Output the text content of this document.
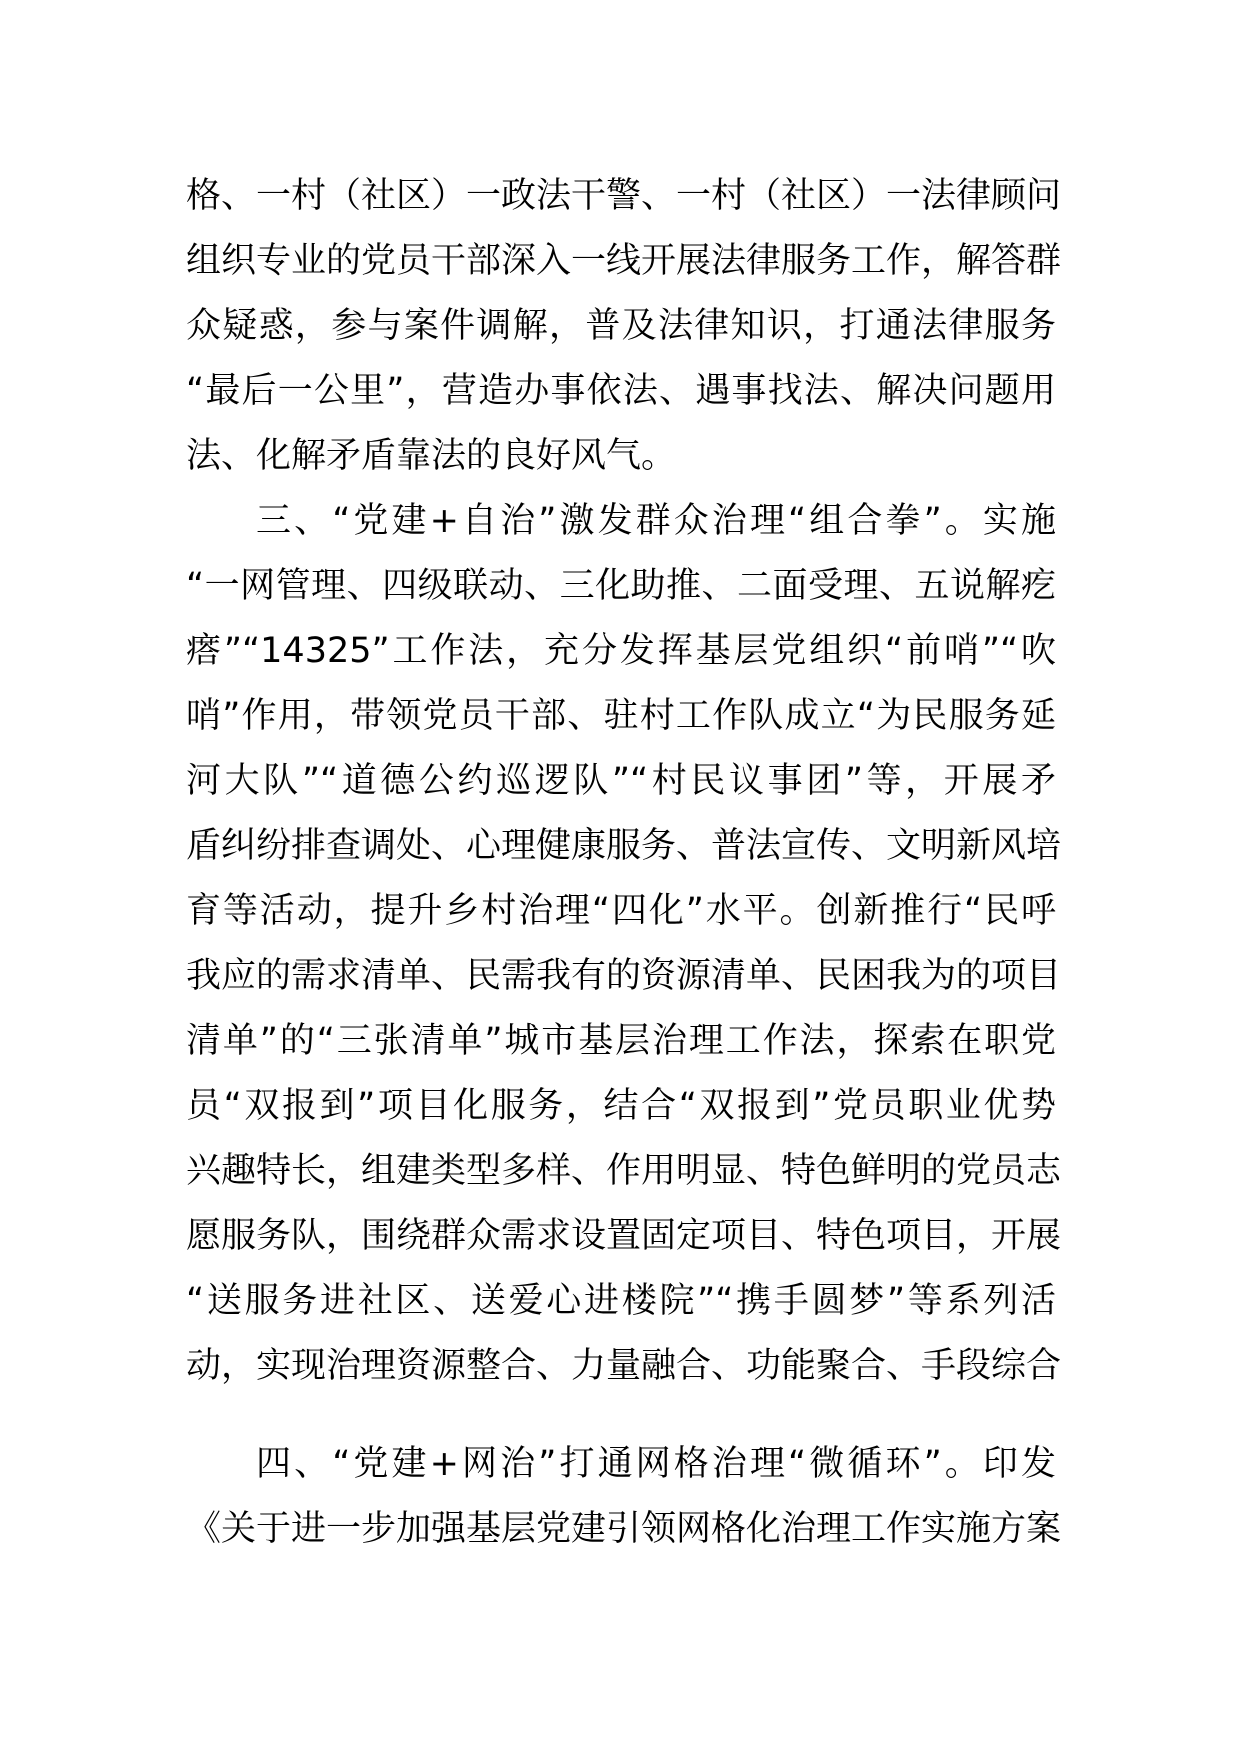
格、一村（社区）一政法干警、一村（社区）一法律顾问
组织专业的党员干部深入一线开展法律服务工作，解答群
众疑惑，参与案件调解，普及法律知识，打通法律服务
“最后一公里”，营造办事依法、遇事找法、解决问题用
法、化解矛盾靠法的良好风气。
三、“党建+自治”激发群众治理“组合拳”。实施
“一网管理、四级联动、三化助推、二面受理、五说解疙
瘩”“14325”工作法，充分发挥基层党组织“前哨”“吹
哨”作用，带领党员干部、驻村工作队成立“为民服务延
河大队”“道德公约巡逻队”“村民议事团”等，开展矛
盾纠纷排查调处、心理健康服务、普法宣传、文明新风培
育等活动，提升乡村治理“四化”水平。创新推行“民呼
我应的需求清单、民需我有的资源清单、民困我为的项目
清单”的“三张清单”城市基层治理工作法，探索在职党
员“双报到”项目化服务，结合“双报到”党员职业优势
兴趣特长，组建类型多样、作用明显、特色鲜明的党员志
愿服务队，围绕群众需求设置固定项目、特色项目，开展
“送服务进社区、送爱心进楼院”“携手圆梦”等系列活
动，实现治理资源整合、力量融合、功能聚合、手段综合
四、“党建+网治”打通网格治理“微循环”。印发
《关于进一步加强基层党建引领网格化治理工作实施方案
